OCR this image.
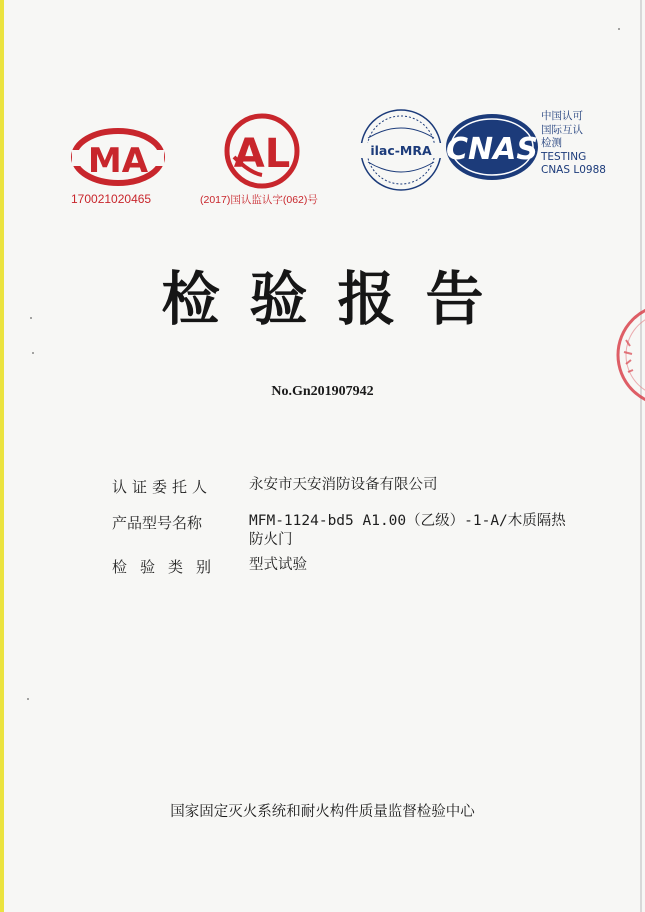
MA
170021020465
AL
(2017)国认监认字(062)号
ilac-MRA CNAS
中国认可
国际互认
检测
TESTING
CNAS L0988
检验报告
No.Gn201907942
认证委托人	永安市天安消防设备有限公司
产品型号名称	MFM-1124-bd5 A1.00（乙级）-1-A/木质隔热
防火门
检验类别 型式试验
国家固定灭火系统和耐火构件质量监督检验中心
